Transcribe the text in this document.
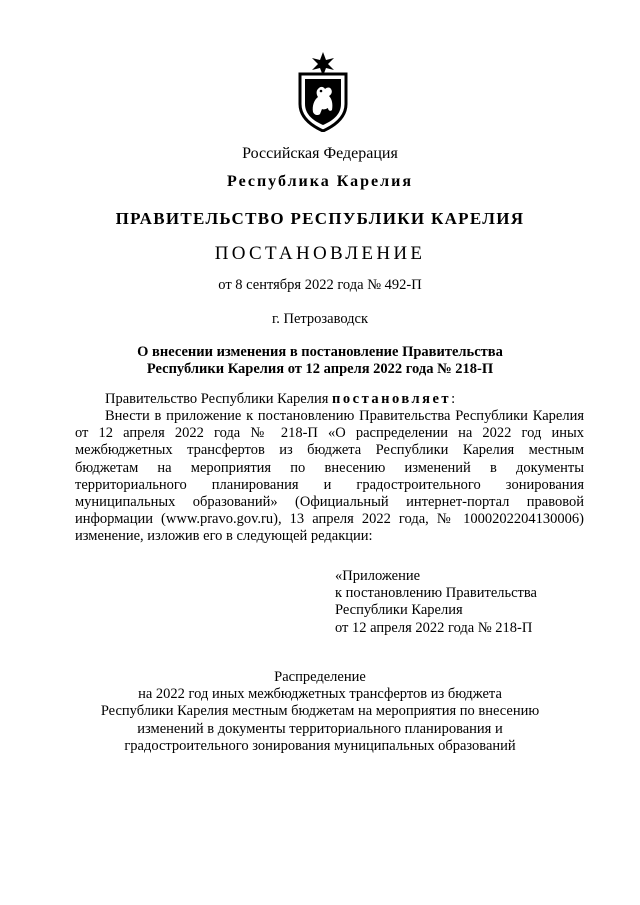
Российская Федерация
Республика Карелия
ПРАВИТЕЛЬСТВО РЕСПУБЛИКИ КАРЕЛИЯ
ПОСТАНОВЛЕНИЕ
от 8 сентября 2022 года № 492-П
г. Петрозаводск
О внесении изменения в постановление Правительства
Республики Карелия от 12 апреля 2022 года № 218-П
Правительство Республики Карелия постановляет:
Внести в приложение к постановлению Правительства Республики Карелия от 12 апреля 2022 года № 218-П «О распределении на 2022 год иных межбюджетных трансфертов из бюджета Республики Карелия местным бюджетам на мероприятия по внесению изменений в документы территориального планирования и градостроительного зонирования муниципальных образований» (Официальный интернет-портал правовой информации (www.pravo.gov.ru), 13 апреля 2022 года, № 1000202204130006) изменение, изложив его в следующей редакции:
«Приложение
к постановлению Правительства
Республики Карелия
от 12 апреля 2022 года № 218-П
Распределение
на 2022 год иных межбюджетных трансфертов из бюджета
Республики Карелия местным бюджетам на мероприятия по внесению
изменений в документы территориального планирования и
градостроительного зонирования муниципальных образований
